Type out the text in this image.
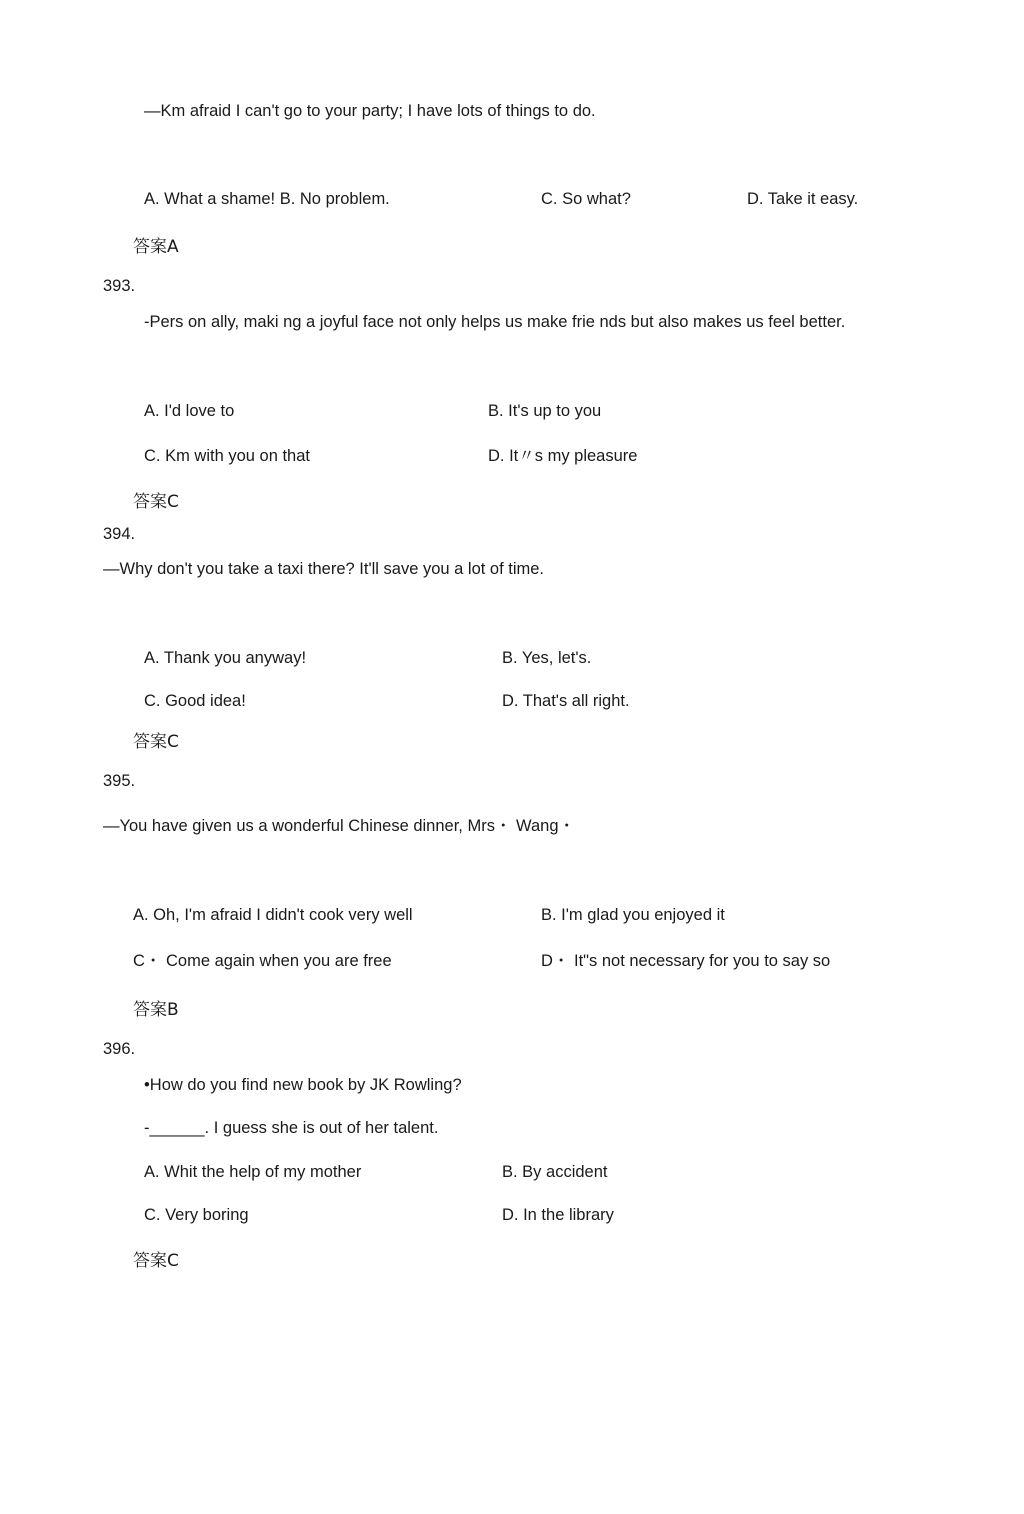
—Km afraid I can't go to your party; I have lots of things to do.
A. What a shame! B. No problem.	C. So what?	D. Take it easy.
答案A
393.
-Pers on ally, maki ng a joyful face not only helps us make frie nds but also makes us feel better.
A. I'd love to	B. It's up to you
C. Km with you on that	D. It〃s my pleasure
答案C
394.
—Why don't you take a taxi there? It'll save you a lot of time.
A. Thank you anyway!	B. Yes, let's.
C. Good idea!	D. That's all right.
答案C
395.
—You have given us a wonderful Chinese dinner, Mrs・ Wang・
A. Oh, I'm afraid I didn't cook very well	B. I'm glad you enjoyed it
C・ Come again when you are free	D・ It"s not necessary for you to say so
答案B
396.
•How do you find new book by JK Rowling?
-______. I guess she is out of her talent.
A. Whit the help of my mother	B. By accident
C. Very boring	D. In the library
答案C
